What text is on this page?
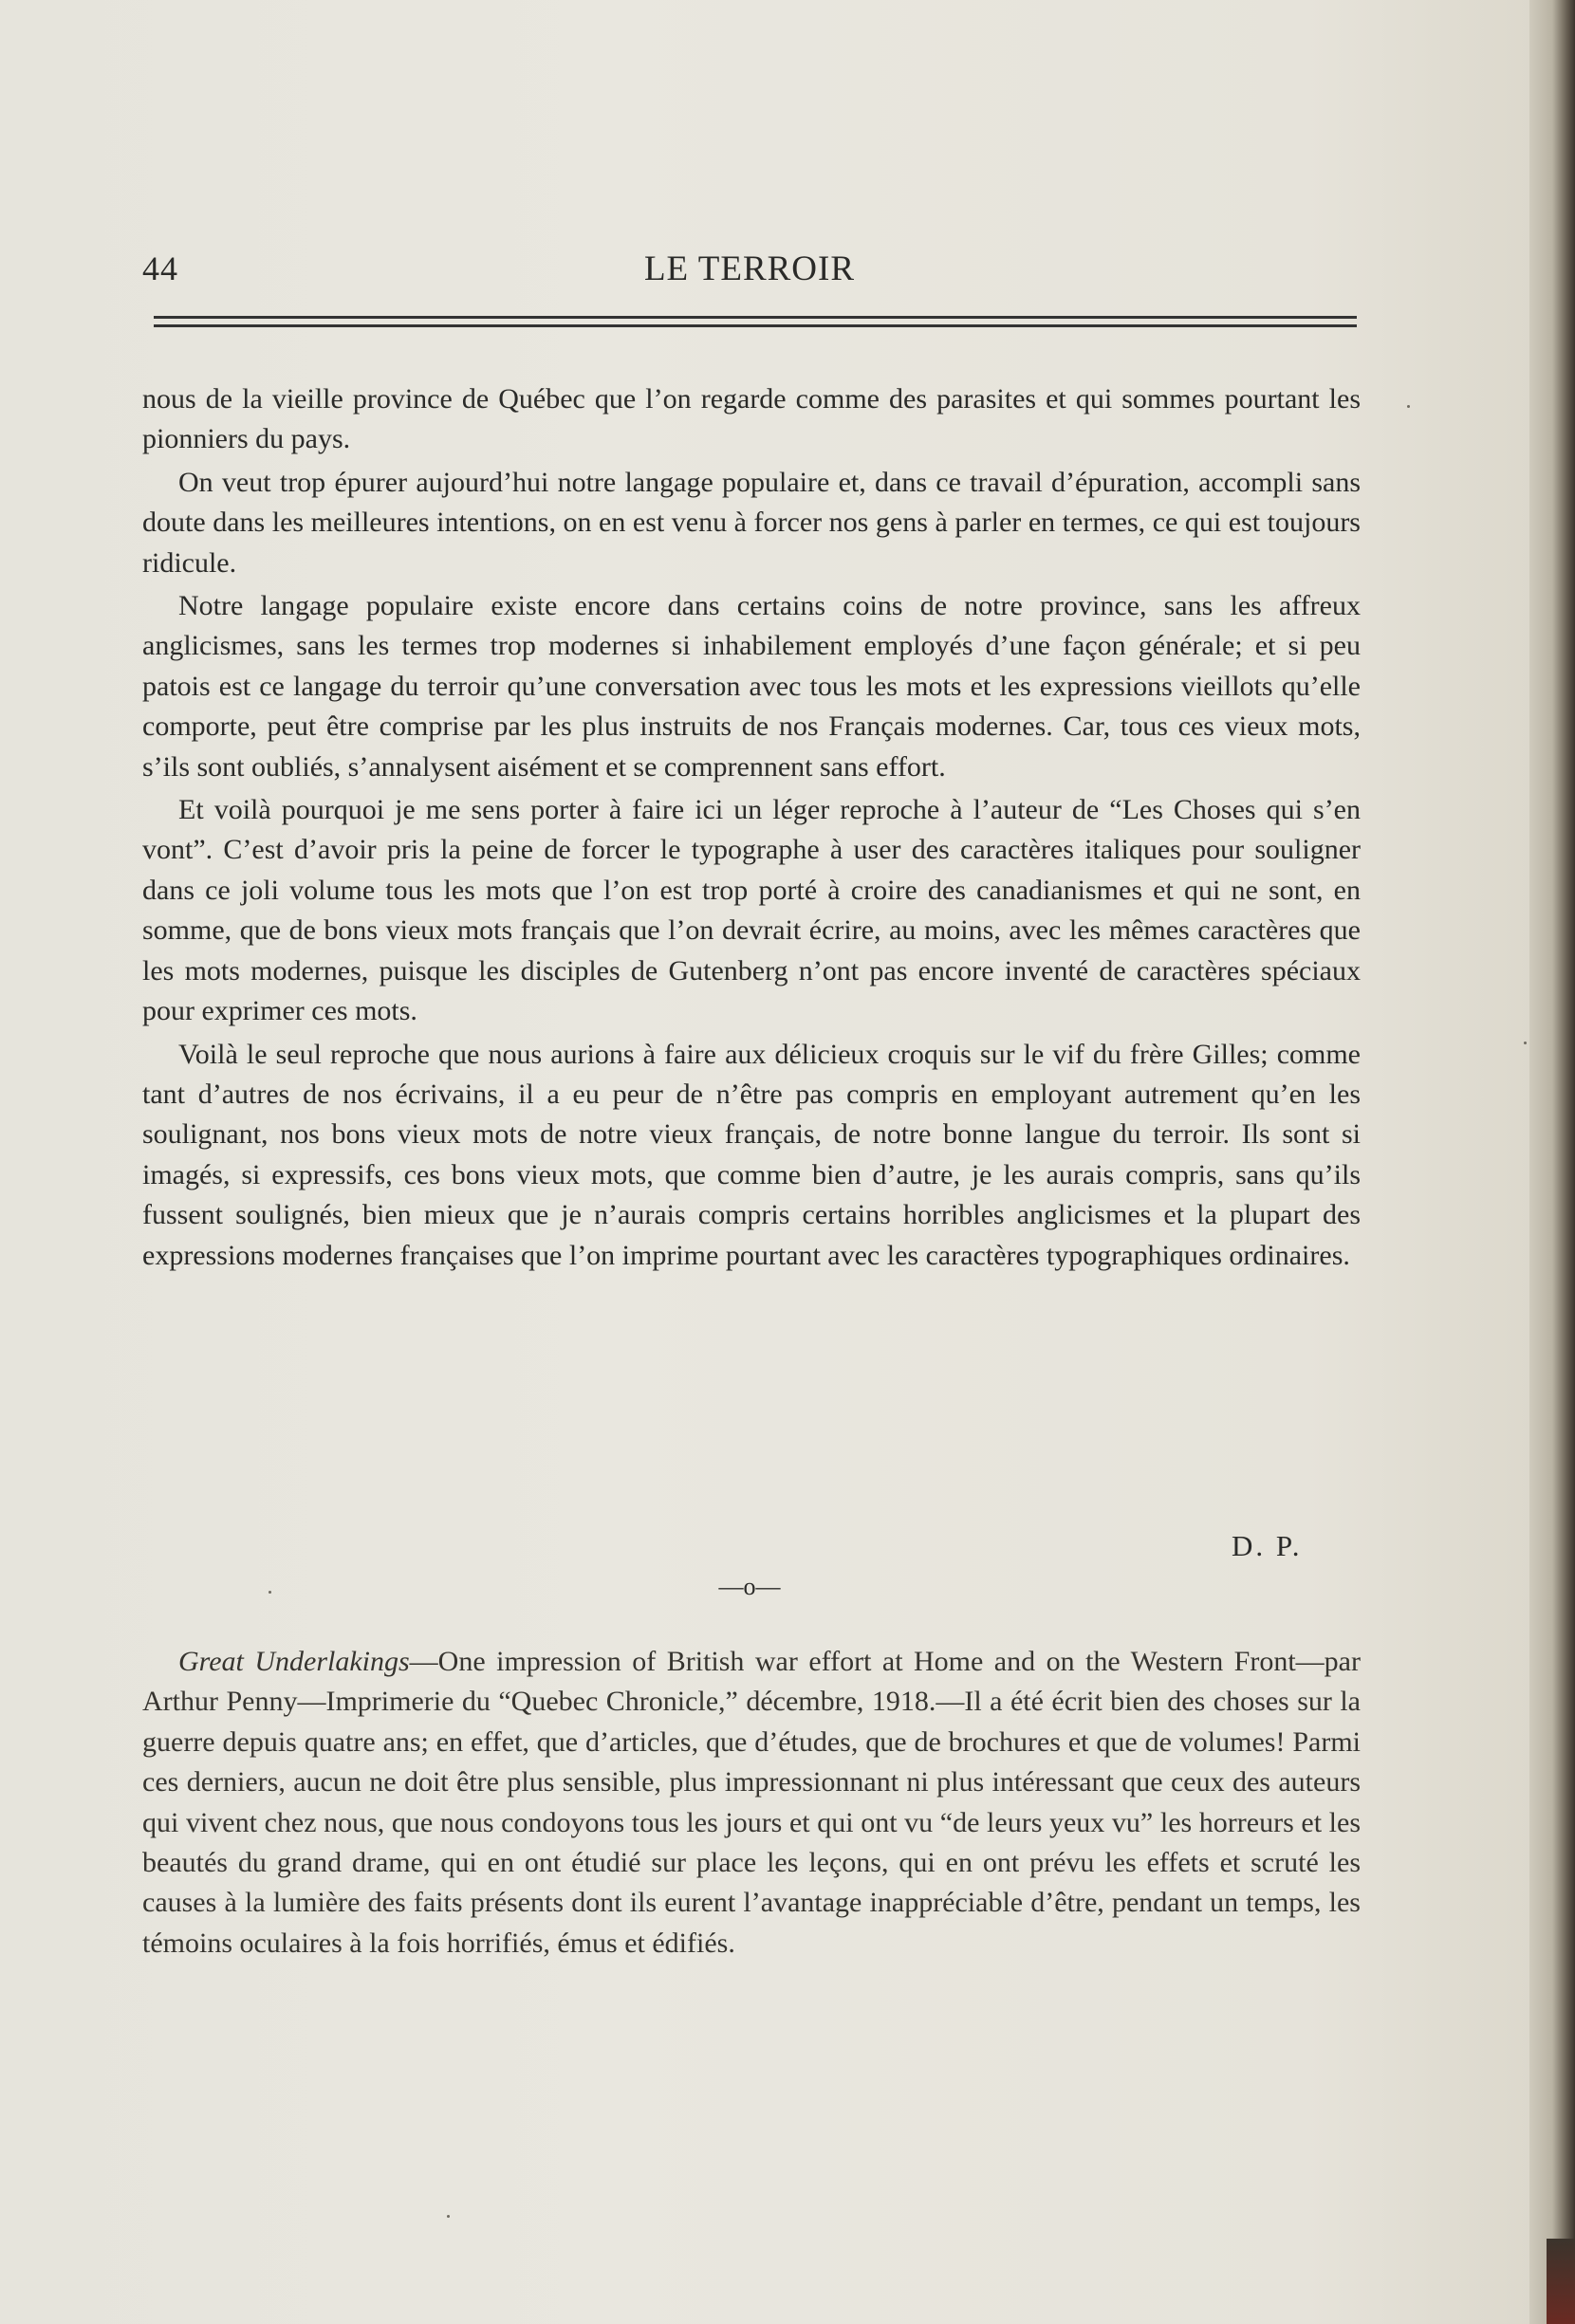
44	LE TERROIR

nous de la vieille province de Québec que l’on regarde comme des parasites et qui sommes pourtant les pionniers du pays.

On veut trop épurer aujourd’hui notre langage populaire et, dans ce travail d’épuration, accompli sans doute dans les meilleures intentions, on en est venu à forcer nos gens à parler en termes, ce qui est toujours ridicule.

Notre langage populaire existe encore dans certains coins de notre province, sans les affreux anglicismes, sans les termes trop modernes si inhabilement employés d’une façon générale; et si peu patois est ce langage du terroir qu’une conversation avec tous les mots et les expressions vieillots qu’elle comporte, peut être comprise par les plus instruits de nos Français modernes. Car, tous ces vieux mots, s’ils sont oubliés, s’annalysent aisément et se comprennent sans effort.

Et voilà pourquoi je me sens porter à faire ici un léger reproche à l’auteur de “Les Choses qui s’en vont”. C’est d’avoir pris la peine de forcer le typographe à user des caractères italiques pour souligner dans ce joli volume tous les mots que l’on est trop porté à croire des canadianismes et qui ne sont, en somme, que de bons vieux mots français que l’on devrait écrire, au moins, avec les mêmes caractères que les mots modernes, puisque les disciples de Gutenberg n’ont pas encore inventé de caractères spéciaux pour exprimer ces mots.

Voilà le seul reproche que nous aurions à faire aux délicieux croquis sur le vif du frère Gilles; comme tant d’autres de nos écrivains, il a eu peur de n’être pas compris en employant autrement qu’en les soulignant, nos bons vieux mots de notre vieux français, de notre bonne langue du terroir. Ils sont si imagés, si expressifs, ces bons vieux mots, que comme bien d’autre, je les aurais compris, sans qu’ils fussent soulignés, bien mieux que je n’aurais compris certains horribles anglicismes et la plupart des expressions modernes françaises que l’on imprime pourtant avec les caractères typographiques ordinaires.

D. P.
—o—

Great Underlakings—One impression of British war effort at Home and on the Western Front—par Arthur Penny—Imprimerie du “Quebec Chronicle,” décembre, 1918.—Il a été écrit bien des choses sur la guerre depuis quatre ans; en effet, que d’articles, que d’études, que de brochures et que de volumes! Parmi ces derniers, aucun ne doit être plus sensible, plus impressionnant ni plus intéressant que ceux des auteurs qui vivent chez nous, que nous condoyons tous les jours et qui ont vu “de leurs yeux vu” les horreurs et les beautés du grand drame, qui en ont étudié sur place les leçons, qui en ont prévu les effets et scruté les causes à la lumière des faits présents dont ils eurent l’avantage inappréciable d’être, pendant un temps, les témoins oculaires à la fois horrifiés, émus et édifiés.
